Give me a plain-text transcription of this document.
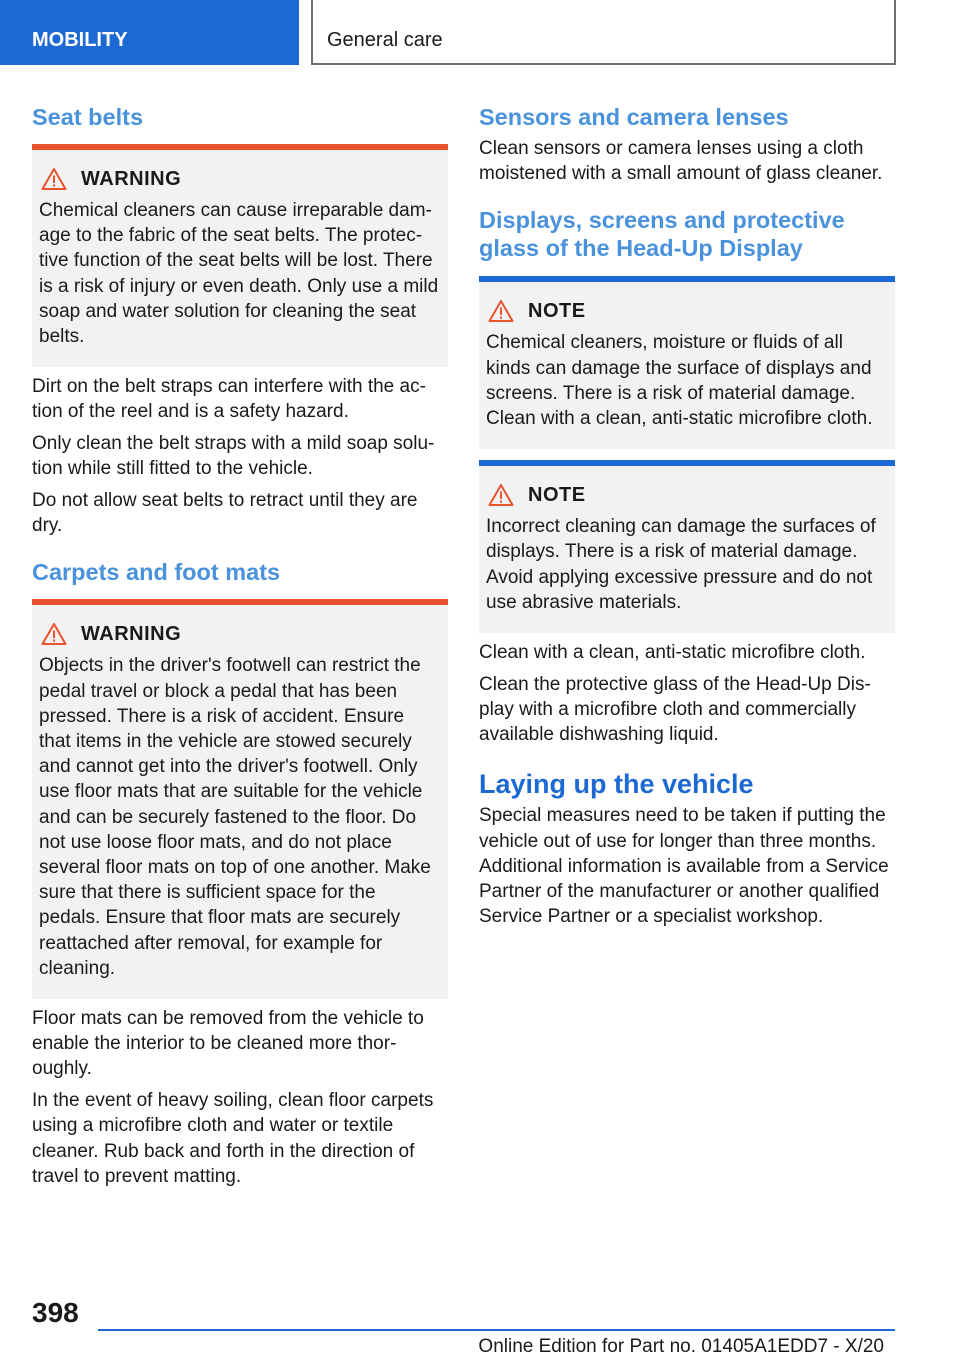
MOBILITY	General care
Seat belts
WARNING

Chemical cleaners can cause irreparable damage to the fabric of the seat belts. The protective function of the seat belts will be lost. There is a risk of injury or even death. Only use a mild soap and water solution for cleaning the seat belts.

Dirt on the belt straps can interfere with the action of the reel and is a safety hazard.

Only clean the belt straps with a mild soap solution while still fitted to the vehicle.

Do not allow seat belts to retract until they are dry.

Carpets and foot mats
WARNING

Objects in the driver's footwell can restrict the pedal travel or block a pedal that has been pressed. There is a risk of accident. Ensure that items in the vehicle are stowed securely and cannot get into the driver's footwell. Only use floor mats that are suitable for the vehicle and can be securely fastened to the floor. Do not use loose floor mats, and do not place several floor mats on top of one another. Make sure that there is sufficient space for the pedals. Ensure that floor mats are securely reattached after removal, for example for cleaning.

Floor mats can be removed from the vehicle to enable the interior to be cleaned more thoroughly.

In the event of heavy soiling, clean floor carpets using a microfibre cloth and water or textile cleaner. Rub back and forth in the direction of travel to prevent matting.

Sensors and camera lenses

Clean sensors or camera lenses using a cloth moistened with a small amount of glass cleaner.

Displays, screens and protective glass of the Head-Up Display
NOTE

Chemical cleaners, moisture or fluids of all kinds can damage the surface of displays and screens. There is a risk of material damage. Clean with a clean, anti-static microfibre cloth.

NOTE

Incorrect cleaning can damage the surfaces of displays. There is a risk of material damage. Avoid applying excessive pressure and do not use abrasive materials.

Clean with a clean, anti-static microfibre cloth.

Clean the protective glass of the Head-Up Display with a microfibre cloth and commercially available dishwashing liquid.

Laying up the vehicle

Special measures need to be taken if putting the vehicle out of use for longer than three months. Additional information is available from a Service Partner of the manufacturer or another qualified Service Partner or a specialist workshop.

398
Online Edition for Part no. 01405A1EDD7 - X/20
